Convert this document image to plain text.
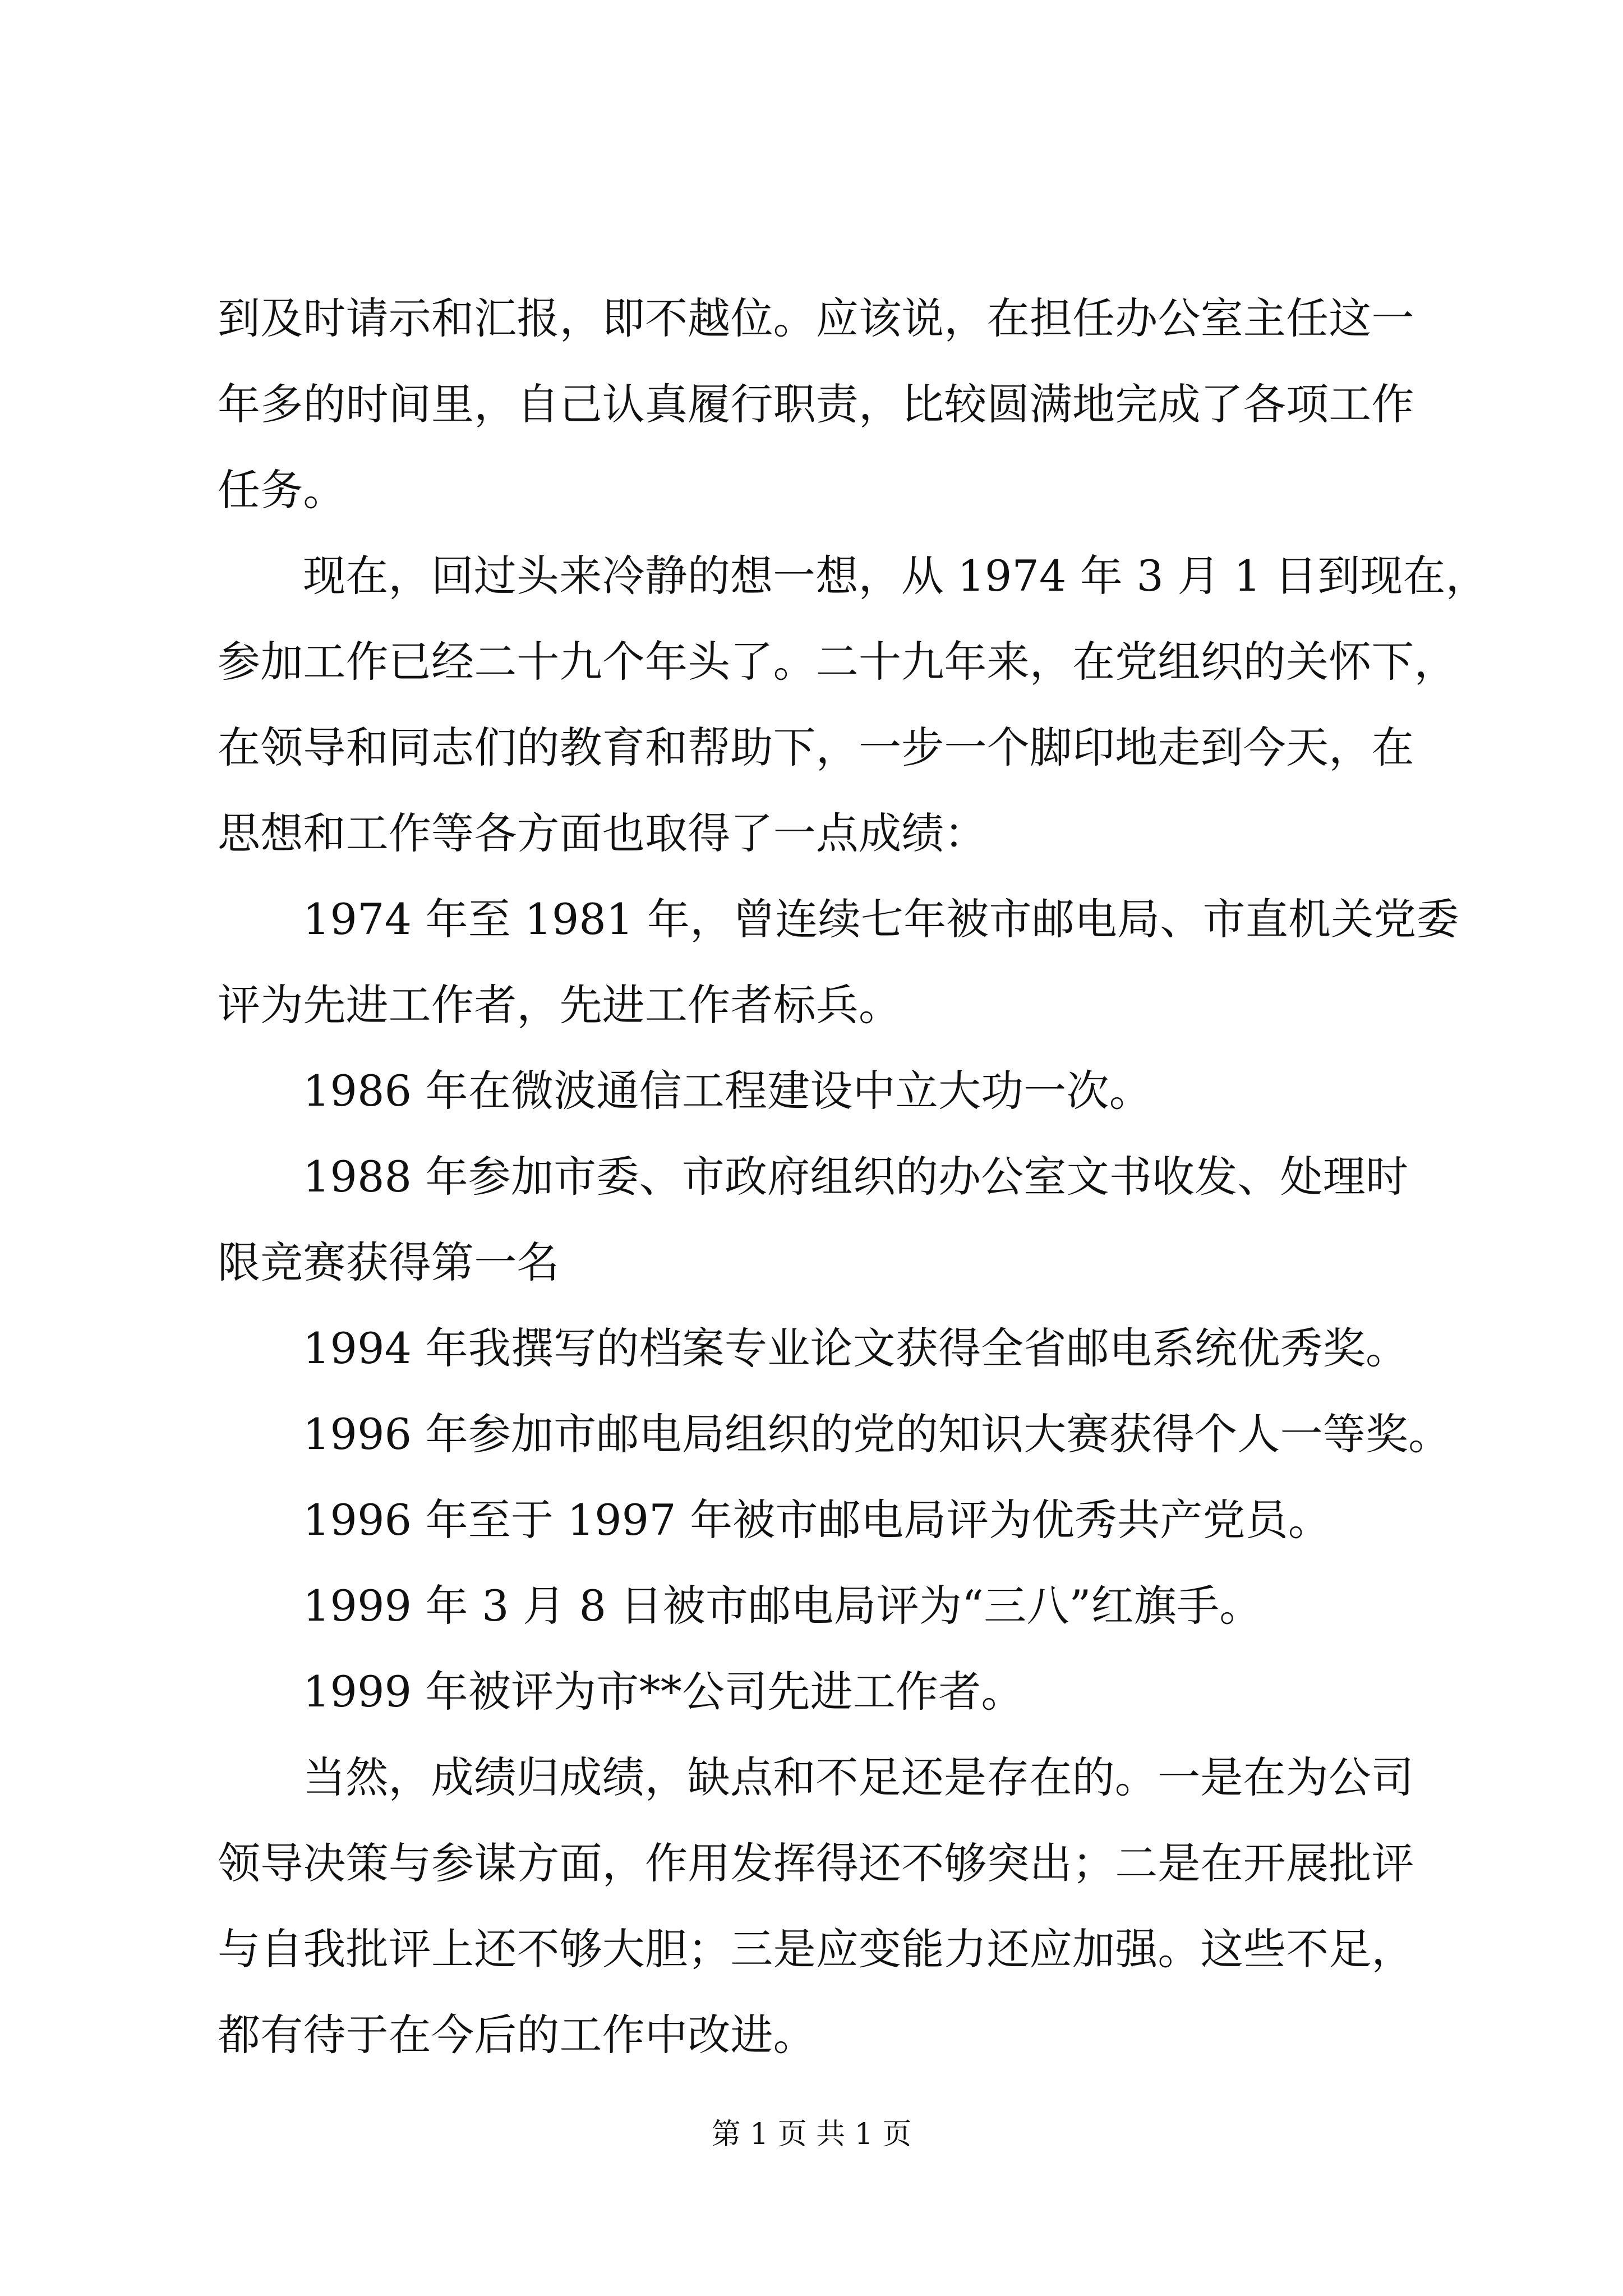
到及时请示和汇报，即不越位。应该说，在担任办公室主任这一
年多的时间里，自己认真履行职责，比较圆满地完成了各项工作
任务。
现在，回过头来冷静的想一想，从 1974 年 3 月 1 日到现在，
参加工作已经二十九个年头了。二十九年来，在党组织的关怀下，
在领导和同志们的教育和帮助下，一步一个脚印地走到今天，在
思想和工作等各方面也取得了一点成绩：
1974 年至 1981 年，曾连续七年被市邮电局、市直机关党委
评为先进工作者，先进工作者标兵。
1986 年在微波通信工程建设中立大功一次。
1988 年参加市委、市政府组织的办公室文书收发、处理时
限竞赛获得第一名
1994 年我撰写的档案专业论文获得全省邮电系统优秀奖。
1996 年参加市邮电局组织的党的知识大赛获得个人一等奖。
1996 年至于 1997 年被市邮电局评为优秀共产党员。
1999 年 3 月 8 日被市邮电局评为“三八”红旗手。
1999 年被评为市**公司先进工作者。
当然，成绩归成绩，缺点和不足还是存在的。一是在为公司
领导决策与参谋方面，作用发挥得还不够突出；二是在开展批评
与自我批评上还不够大胆；三是应变能力还应加强。这些不足，
都有待于在今后的工作中改进。
第 1 页 共 1 页
